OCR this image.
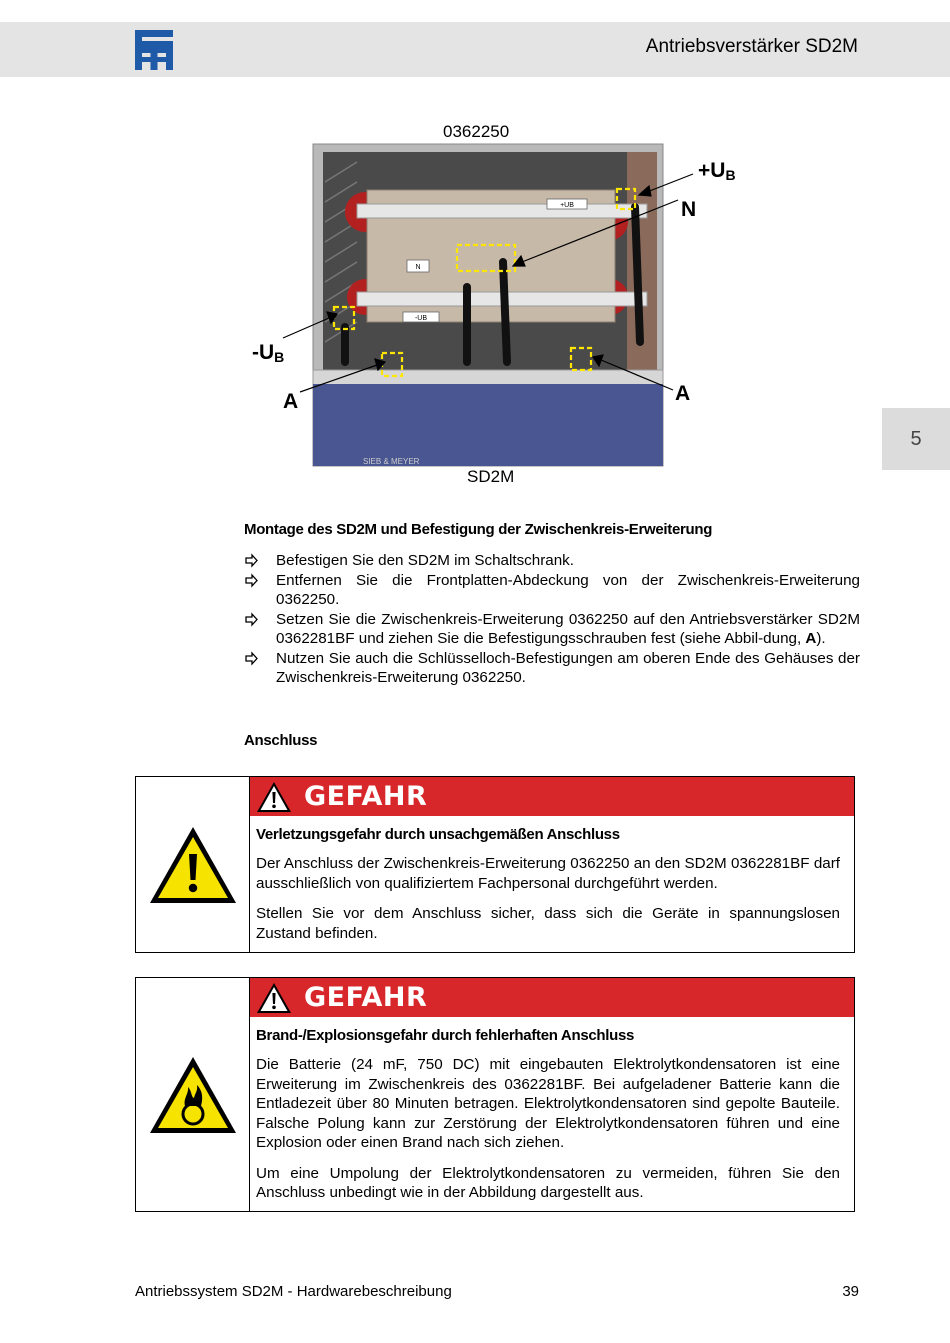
Antriebsverstärker SD2M
5
+UB
-UB
N
SIEB & MEYER
0362250
SD2M
$+U_B$
N
$-U_B$
A	A
Montage des SD2M und Befestigung der Zwischenkreis-Erweiterung
Befestigen Sie den SD2M im Schaltschrank.
Entfernen Sie die Frontplatten-Abdeckung von der Zwischenkreis-Erweiterung 0362250.
Setzen Sie die Zwischenkreis-Erweiterung 0362250 auf den Antriebsverstärker SD2M 0362281BF und ziehen Sie die Befestigungsschrauben fest (siehe Abbil-dung, A).
Nutzen Sie auch die Schlüsselloch-Befestigungen am oberen Ende des Gehäuses der Zwischenkreis-Erweiterung 0362250.
Anschluss
GEFAHR
Verletzungsgefahr durch unsachgemäßen Anschluss

Der Anschluss der Zwischenkreis-Erweiterung 0362250 an den SD2M 0362281BF darf ausschließlich von qualifiziertem Fachpersonal durchgeführt werden.

Stellen Sie vor dem Anschluss sicher, dass sich die Geräte in spannungslosen Zustand befinden.

GEFAHR
Brand-/Explosionsgefahr durch fehlerhaften Anschluss

Die Batterie (24 mF, 750 DC) mit eingebauten Elektrolytkondensatoren ist eine Erweiterung im Zwischenkreis des 0362281BF. Bei aufgeladener Batterie kann die Entladezeit über 80 Minuten betragen. Elektrolytkondensatoren sind gepolte Bauteile. Falsche Polung kann zur Zerstörung der Elektrolytkondensatoren führen und eine Explosion oder einen Brand nach sich ziehen.

Um eine Umpolung der Elektrolytkondensatoren zu vermeiden, führen Sie den Anschluss unbedingt wie in der Abbildung dargestellt aus.

Antriebssystem SD2M - Hardwarebeschreibung	39
